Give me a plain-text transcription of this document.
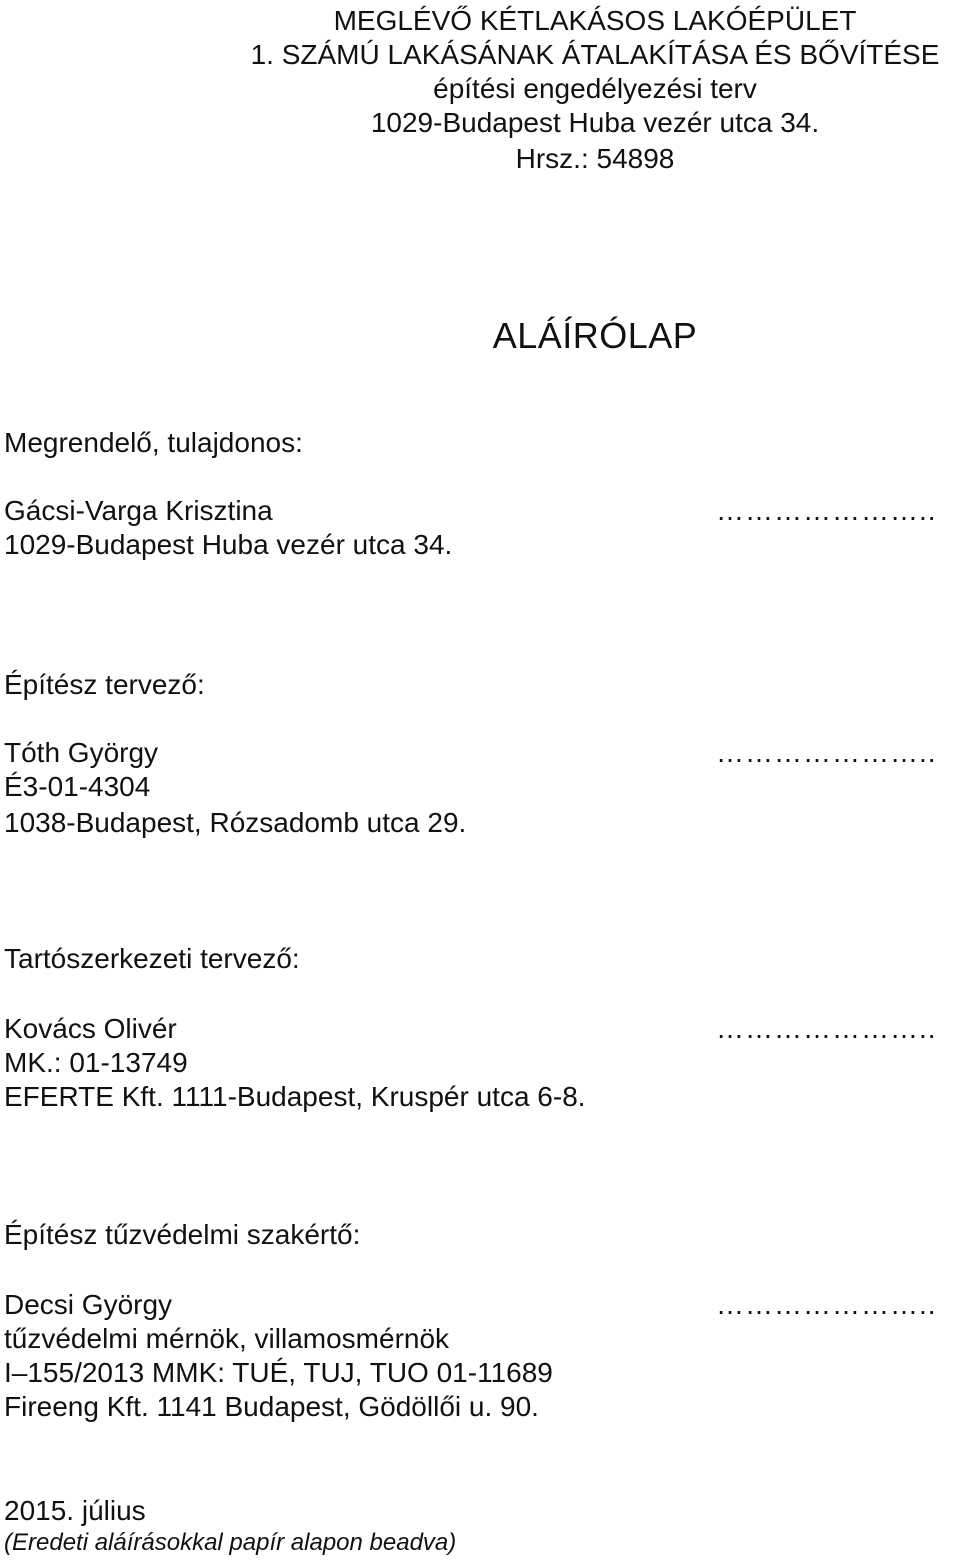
MEGLÉVŐ KÉTLAKÁSOS LAKÓÉPÜLET
1. SZÁMÚ LAKÁSÁNAK ÁTALAKÍTÁSA ÉS BŐVÍTÉSE
építési engedélyezési terv
1029-Budapest Huba vezér utca 34.
Hrsz.: 54898
ALÁÍRÓLAP
Megrendelő, tulajdonos:
Gácsi-Varga Krisztina	…………………..
1029-Budapest Huba vezér utca 34.
Építész tervező:
Tóth György	…………………..
É3-01-4304
1038-Budapest, Rózsadomb utca 29.
Tartószerkezeti tervező:
Kovács Olivér	…………………..
MK.: 01-13749
EFERTE Kft. 1111-Budapest, Kruspér utca 6-8.
Építész tűzvédelmi szakértő:
Decsi György	…………………..
tűzvédelmi mérnök, villamosmérnök
I–155/2013 MMK: TUÉ, TUJ, TUO 01-11689
Fireeng Kft. 1141 Budapest, Gödöllői u. 90.
2015. július
(Eredeti aláírásokkal papír alapon beadva)
